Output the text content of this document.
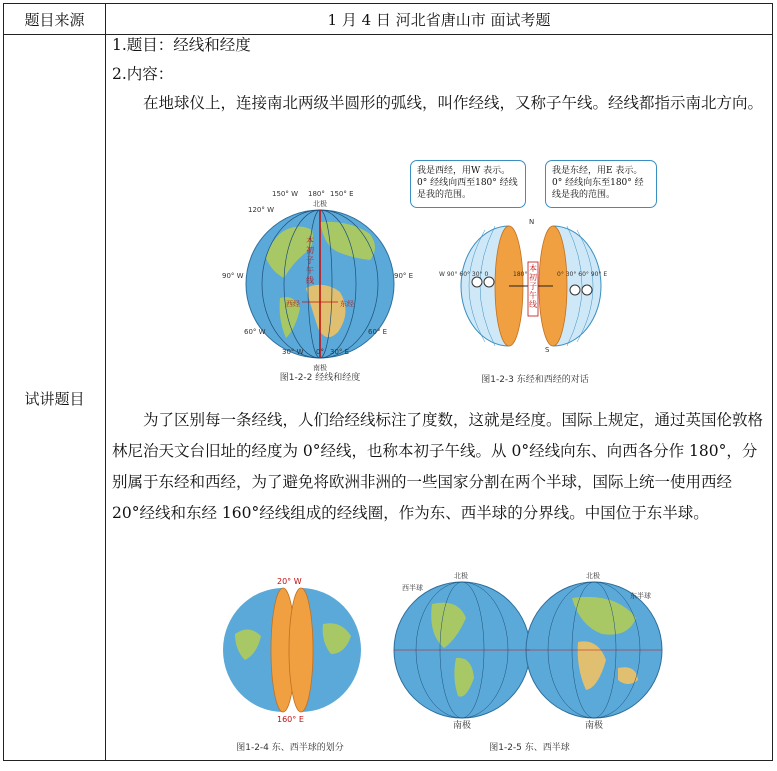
题目来源	1 月 4 日 河北省唐山市 面试考题
试讲题目

1.题目：经线和经度

2.内容：

在地球仪上，连接南北两级半圆形的弧线，叫作经线，又称子午线。经线都指示南北方向。

北极
南极
150° W 180° 150° E
120° W
90° W	90° E
60° W	60° E
30° W 0° 30° E
西经	东经
图1-2-2 经线和经度
本初子午线
我是西经，用W 表示。0° 经线向西至180° 经线是我的范围。
我是东经，用E 表示。0° 经线向东至180° 经线是我的范围。
N
S
W 90° 60° 30° 0	180°	0° 30° 60° 90° E
图1-2-3 东经和西经的对话
本初子午线

为了区别每一条经线，人们给经线标注了度数，这就是经度。国际上规定，通过英国伦敦格林尼治天文台旧址的经度为 0°经线，也称本初子午线。从 0°经线向东、向西各分作 180°，分别属于东经和西经，为了避免将欧洲非洲的一些国家分割在两个半球，国际上统一使用西经 20°经线和东经 160°经线组成的经线圈，作为东、西半球的分界线。中国位于东半球。

20° W
160° E
图1-2-4 东、西半球的划分
北极	北极
西半球
东半球
南极	南极
图1-2-5 东、西半球
